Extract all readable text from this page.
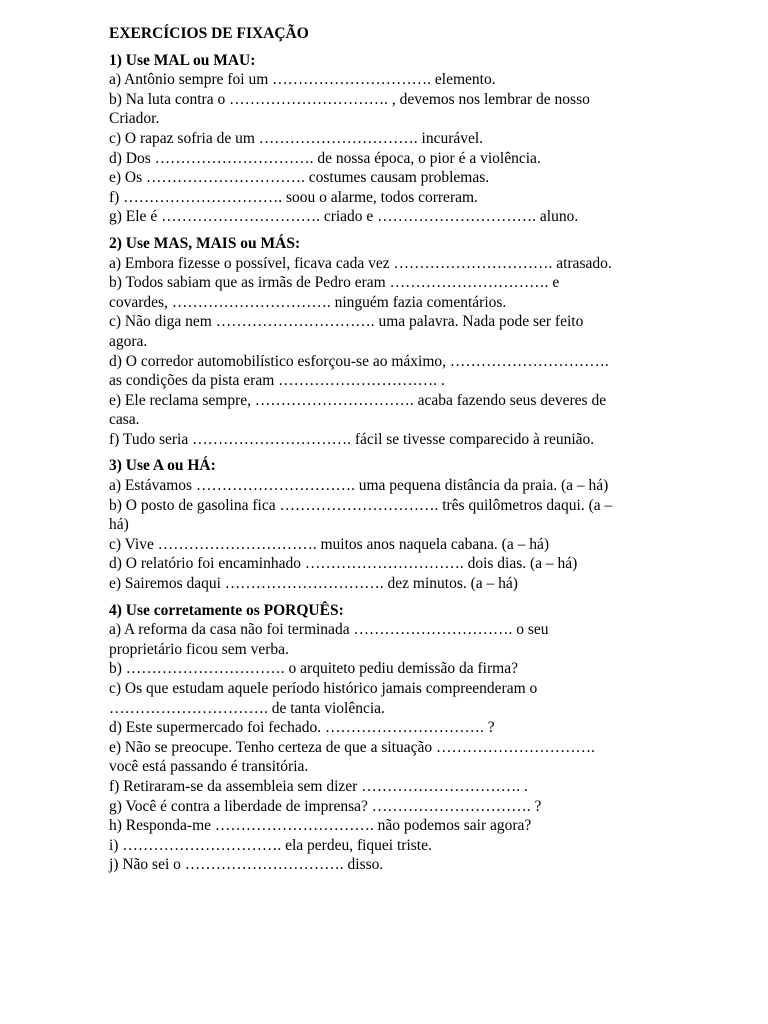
EXERCÍCIOS DE FIXAÇÃO
1) Use MAL ou MAU:
a) Antônio sempre foi um …………………………. elemento.
b) Na luta contra o …………………………. , devemos nos lembrar de nosso
Criador.
c) O rapaz sofria de um …………………………. incurável.
d) Dos …………………………. de nossa época, o pior é a violência.
e) Os …………………………. costumes causam problemas.
f) …………………………. soou o alarme, todos correram.
g) Ele é …………………………. criado e …………………………. aluno.
2) Use MAS, MAIS ou MÁS:
a) Embora fizesse o possível, ficava cada vez …………………………. atrasado.
b) Todos sabiam que as irmãs de Pedro eram …………………………. e
covardes, …………………………. ninguém fazia comentários.
c) Não diga nem …………………………. uma palavra. Nada pode ser feito
agora.
d) O corredor automobilístico esforçou-se ao máximo, ………………………….
as condições da pista eram …………………………. .
e) Ele reclama sempre, …………………………. acaba fazendo seus deveres de
casa.
f) Tudo seria …………………………. fácil se tivesse comparecido à reunião.
3) Use A ou HÁ:
a) Estávamos …………………………. uma pequena distância da praia. (a – há)
b) O posto de gasolina fica …………………………. três quilômetros daqui. (a –
há)
c) Vive …………………………. muitos anos naquela cabana. (a – há)
d) O relatório foi encaminhado …………………………. dois dias. (a – há)
e) Sairemos daqui …………………………. dez minutos. (a – há)
4) Use corretamente os PORQUÊS:
a) A reforma da casa não foi terminada …………………………. o seu
proprietário ficou sem verba.
b) …………………………. o arquiteto pediu demissão da firma?
c) Os que estudam aquele período histórico jamais compreenderam o
…………………………. de tanta violência.
d) Este supermercado foi fechado. …………………………. ?
e) Não se preocupe. Tenho certeza de que a situação ………………………….
você está passando é transitória.
f) Retiraram-se da assembleia sem dizer …………………………. .
g) Você é contra a liberdade de imprensa? …………………………. ?
h) Responda-me …………………………. não podemos sair agora?
i) …………………………. ela perdeu, fiquei triste.
j) Não sei o …………………………. disso.
